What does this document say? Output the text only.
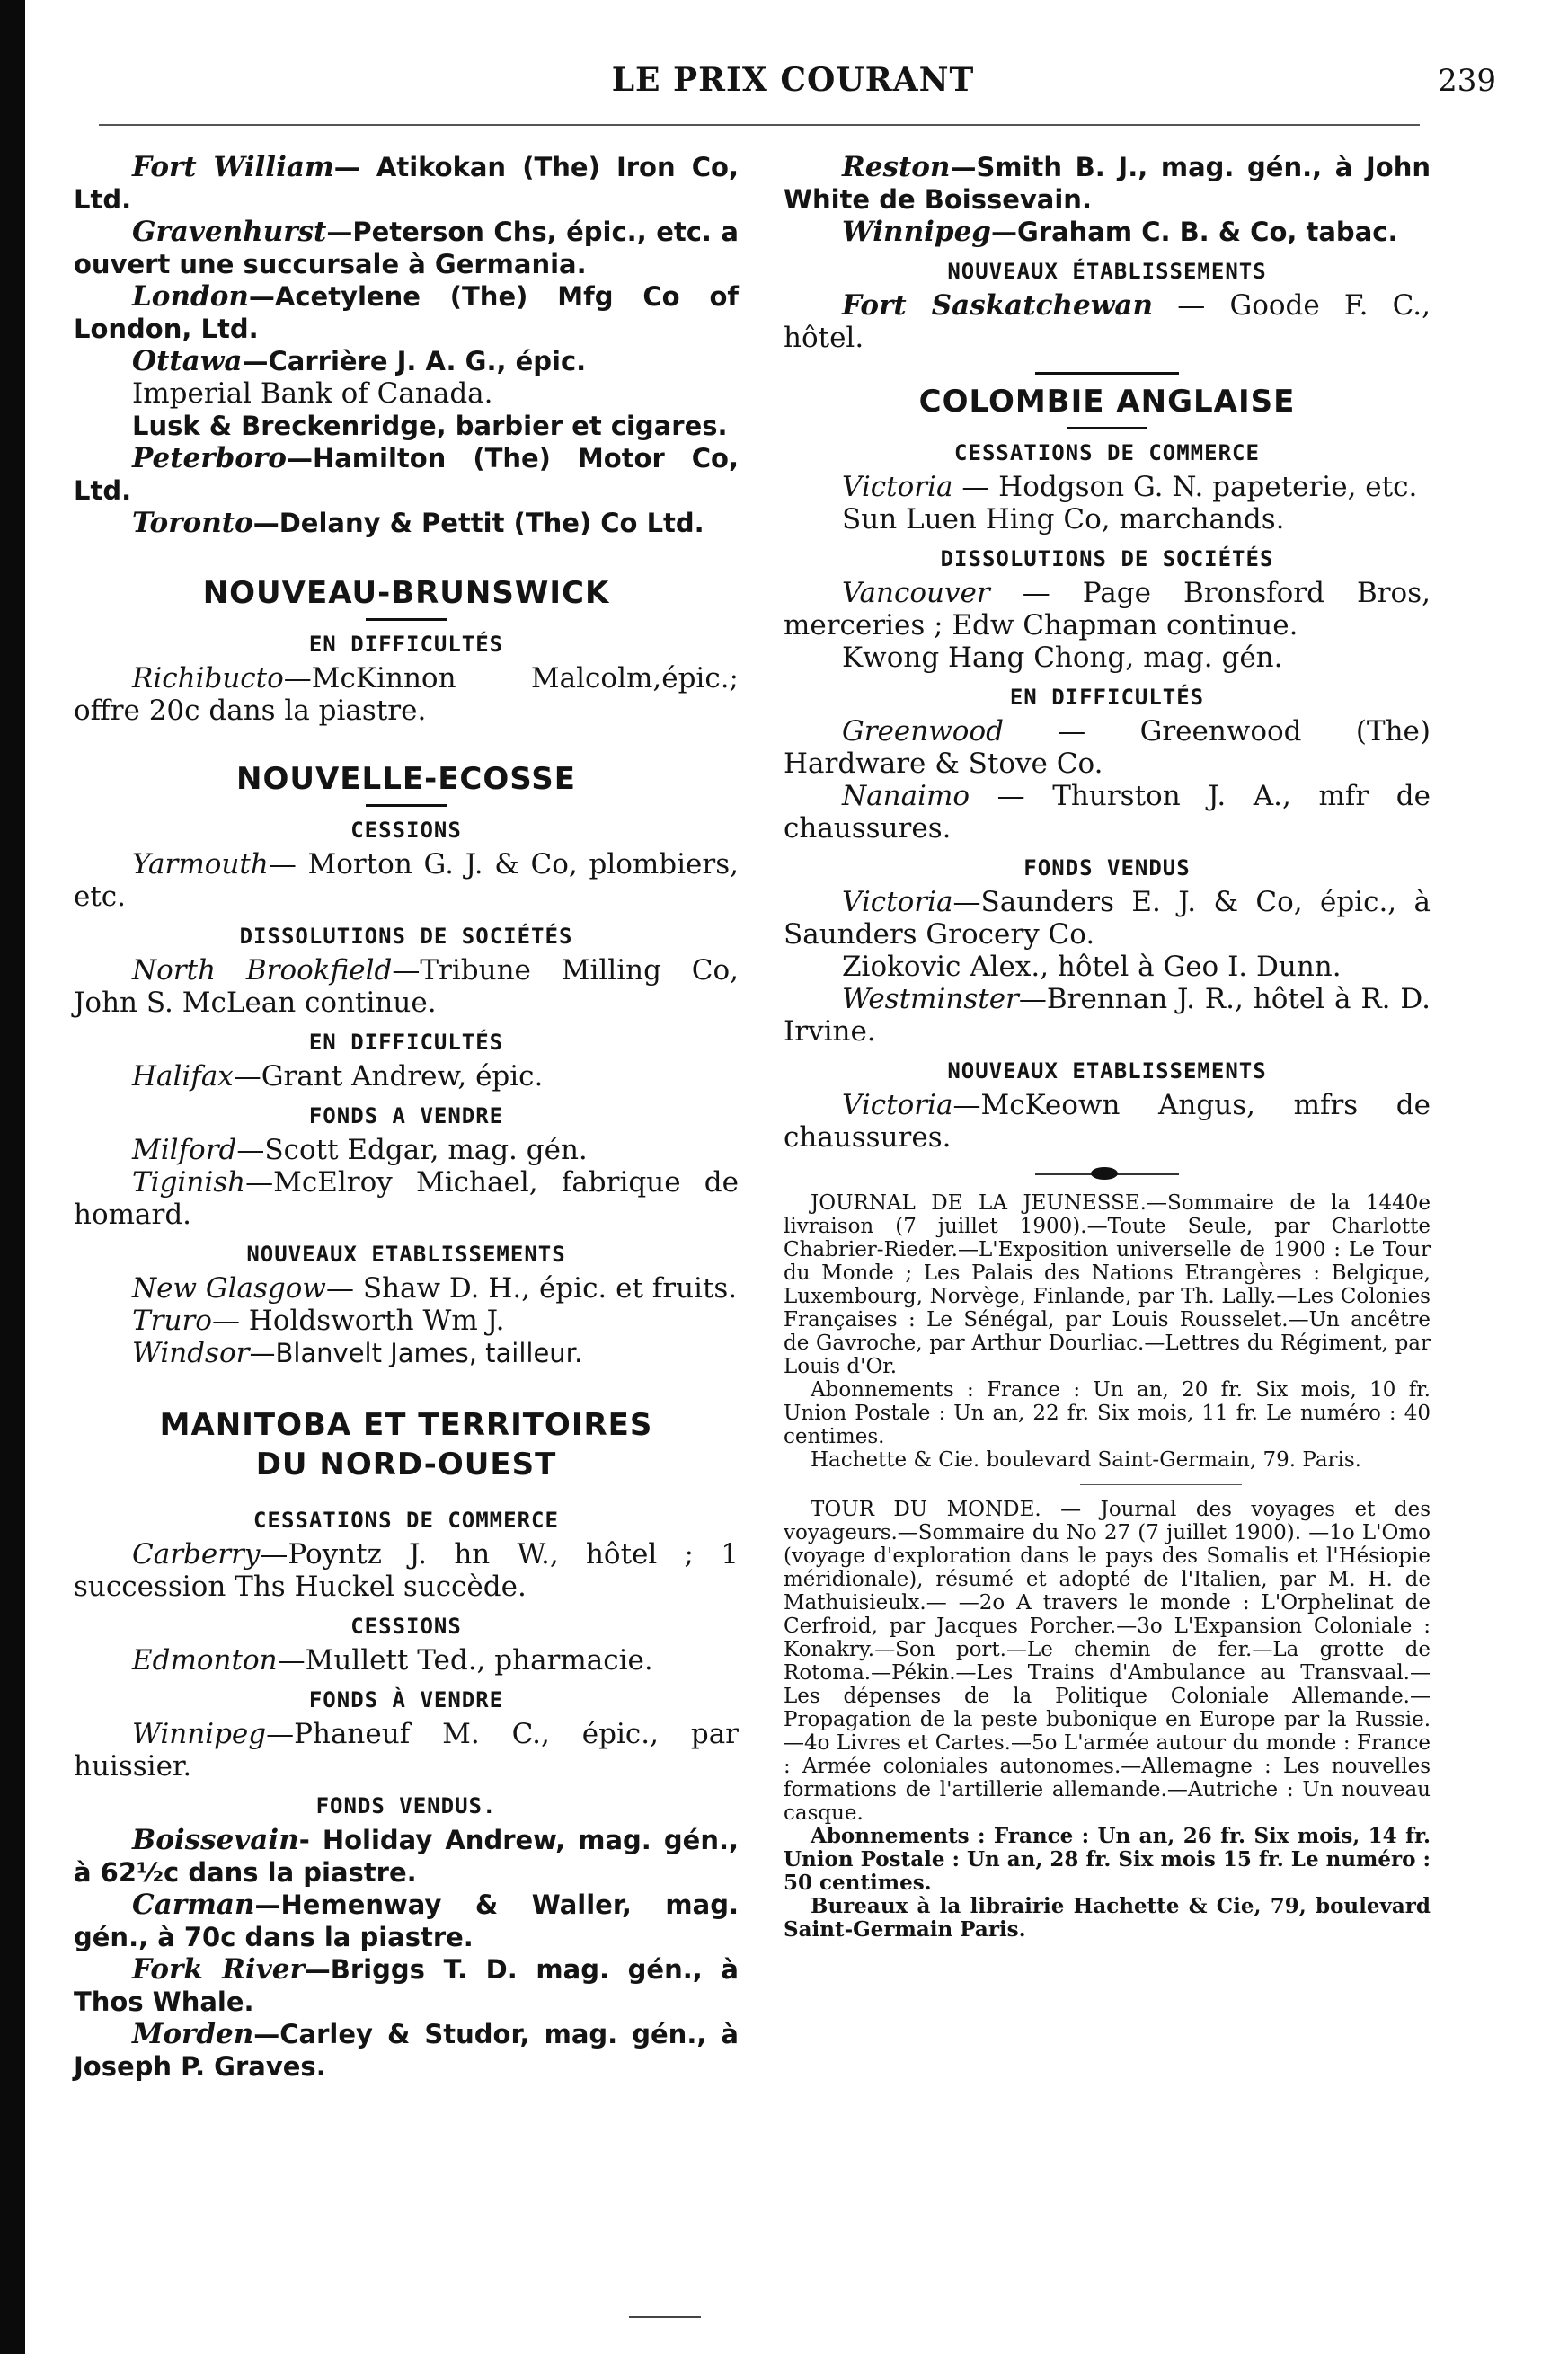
LE PRIX COURANT	239

Fort William— Atikokan (The) Iron Co, Ltd.

Gravenhurst—Peterson Chs, épic., etc. a ouvert une succursale à Germania.

London—Acetylene (The) Mfg Co of London, Ltd.

Ottawa—Carrière J. A. G., épic.

Imperial Bank of Canada.

Lusk & Breckenridge, barbier et cigares.

Peterboro—Hamilton (The) Motor Co, Ltd.

Toronto—Delany & Pettit (The) Co Ltd.

NOUVEAU-BRUNSWICK
EN DIFFICULTÉS

Richibucto—McKinnon Malcolm,épic.; offre 20c dans la piastre.

NOUVELLE-ECOSSE
CESSIONS

Yarmouth— Morton G. J. & Co, plombiers, etc.

DISSOLUTIONS DE SOCIÉTÉS

North Brookfield—Tribune Milling Co, John S. McLean continue.

EN DIFFICULTÉS

Halifax—Grant Andrew, épic.

FONDS A VENDRE

Milford—Scott Edgar, mag. gén.

Tiginish—McElroy Michael, fabrique de homard.

NOUVEAUX ETABLISSEMENTS

New Glasgow— Shaw D. H., épic. et fruits.

Truro— Holdsworth Wm J.

Windsor—Blanvelt James, tailleur.

MANITOBA ET TERRITOIRES
DU NORD-OUEST
CESSATIONS DE COMMERCE

Carberry—Poyntz J. hn W., hôtel ; 1 succession Ths Huckel succède.

CESSIONS

Edmonton—Mullett Ted., pharmacie.

FONDS À VENDRE

Winnipeg—Phaneuf M. C., épic., par huissier.

FONDS VENDUS.

Boissevain- Holiday Andrew, mag. gén., à 62½c dans la piastre.

Carman—Hemenway & Waller, mag. gén., à 70c dans la piastre.

Fork River—Briggs T. D. mag. gén., à Thos Whale.

Morden—Carley & Studor, mag. gén., à Joseph P. Graves.

Reston—Smith B. J., mag. gén., à John White de Boissevain.

Winnipeg—Graham C. B. & Co, tabac.

NOUVEAUX ÉTABLISSEMENTS

Fort Saskatchewan — Goode F. C., hôtel.

COLOMBIE ANGLAISE
CESSATIONS DE COMMERCE

Victoria — Hodgson G. N. papeterie, etc.

Sun Luen Hing Co, marchands.

DISSOLUTIONS DE SOCIÉTÉS

Vancouver — Page Bronsford Bros, merceries ; Edw Chapman continue.

Kwong Hang Chong, mag. gén.

EN DIFFICULTÉS

Greenwood — Greenwood (The) Hardware & Stove Co.

Nanaimo — Thurston J. A., mfr de chaussures.

FONDS VENDUS

Victoria—Saunders E. J. & Co, épic., à Saunders Grocery Co.

Ziokovic Alex., hôtel à Geo I. Dunn.

Westminster—Brennan J. R., hôtel à R. D. Irvine.

NOUVEAUX ETABLISSEMENTS

Victoria—McKeown Angus, mfrs de chaussures.

JOURNAL DE LA JEUNESSE.—Sommaire de la 1440e livraison (7 juillet 1900).—Toute Seule, par Charlotte Chabrier-Rieder.—L'Exposition universelle de 1900 : Le Tour du Monde ; Les Palais des Nations Etrangères : Belgique, Luxembourg, Norvège, Finlande, par Th. Lally.—Les Colonies Françaises : Le Sénégal, par Louis Rousselet.—Un ancêtre de Gavroche, par Arthur Dourliac.—Lettres du Régiment, par Louis d'Or.

Abonnements : France : Un an, 20 fr. Six mois, 10 fr. Union Postale : Un an, 22 fr. Six mois, 11 fr. Le numéro : 40 centimes.

Hachette & Cie. boulevard Saint-Germain, 79. Paris.

TOUR DU MONDE. — Journal des voyages et des voyageurs.—Sommaire du No 27 (7 juillet 1900). —1o L'Omo (voyage d'exploration dans le pays des Somalis et l'Hésiopie méridionale), résumé et adopté de l'Italien, par M. H. de Mathuisieulx.— —2o A travers le monde : L'Orphelinat de Cerfroid, par Jacques Porcher.—3o L'Expansion Coloniale : Konakry.—Son port.—Le chemin de fer.—La grotte de Rotoma.—Pékin.—Les Trains d'Ambulance au Transvaal.—Les dépenses de la Politique Coloniale Allemande.—Propagation de la peste bubonique en Europe par la Russie.—4o Livres et Cartes.—5o L'armée autour du monde : France : Armée coloniales autonomes.—Allemagne : Les nouvelles formations de l'artillerie allemande.—Autriche : Un nouveau casque.

Abonnements : France : Un an, 26 fr. Six mois, 14 fr. Union Postale : Un an, 28 fr. Six mois 15 fr. Le numéro : 50 centimes.

Bureaux à la librairie Hachette & Cie, 79, boulevard Saint-Germain Paris.
